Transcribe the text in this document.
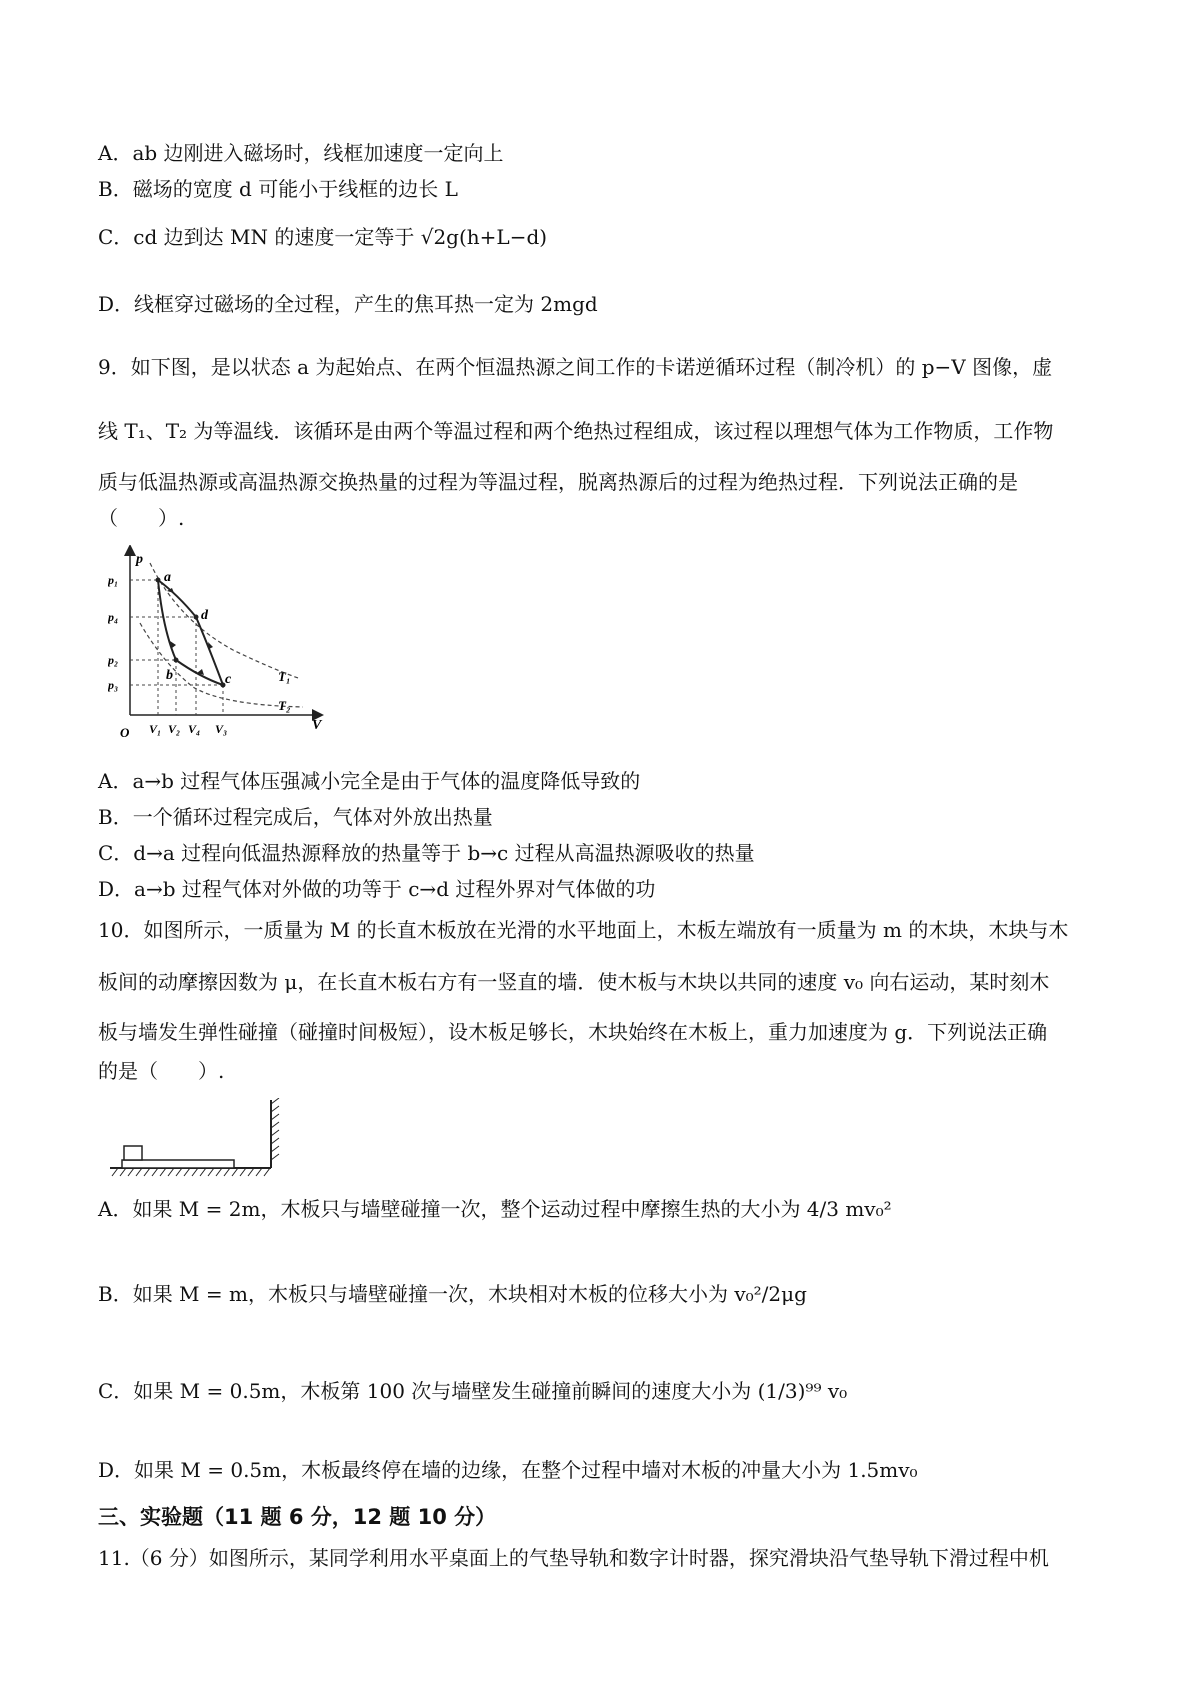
A．ab 边刚进入磁场时，线框加速度一定向上
B．磁场的宽度 d 可能小于线框的边长 L
C．cd 边到达 MN 的速度一定等于 √2g(h+L−d)
D．线框穿过磁场的全过程，产生的焦耳热一定为 2mgd
9．如下图，是以状态 a 为起始点、在两个恒温热源之间工作的卡诺逆循环过程（制冷机）的 p−V 图像，虚
线 T₁、T₂ 为等温线．该循环是由两个等温过程和两个绝热过程组成，该过程以理想气体为工作物质，工作物
质与低温热源或高温热源交换热量的过程为等温过程，脱离热源后的过程为绝热过程．下列说法正确的是
（　　）.
p
V
O
T₁
T₂
a
b	c
d
p₁
p₄
p₂
p₃
V₁ V₂ V₄ V₃
A．a→b 过程气体压强减小完全是由于气体的温度降低导致的
B．一个循环过程完成后，气体对外放出热量
C．d→a 过程向低温热源释放的热量等于 b→c 过程从高温热源吸收的热量
D．a→b 过程气体对外做的功等于 c→d 过程外界对气体做的功
10．如图所示，一质量为 M 的长直木板放在光滑的水平地面上，木板左端放有一质量为 m 的木块，木块与木
板间的动摩擦因数为 μ，在长直木板右方有一竖直的墙．使木板与木块以共同的速度 v₀ 向右运动，某时刻木
板与墙发生弹性碰撞（碰撞时间极短），设木板足够长，木块始终在木板上，重力加速度为 g．下列说法正确
的是（　　）.
A．如果 M = 2m，木板只与墙壁碰撞一次，整个运动过程中摩擦生热的大小为 4/3 mv₀²
B．如果 M = m，木板只与墙壁碰撞一次，木块相对木板的位移大小为 v₀²/2μg
C．如果 M = 0.5m，木板第 100 次与墙壁发生碰撞前瞬间的速度大小为 (1/3)⁹⁹ v₀
D．如果 M = 0.5m，木板最终停在墙的边缘，在整个过程中墙对木板的冲量大小为 1.5mv₀
三、实验题（11 题 6 分，12 题 10 分）
11.（6 分）如图所示，某同学利用水平桌面上的气垫导轨和数字计时器，探究滑块沿气垫导轨下滑过程中机
